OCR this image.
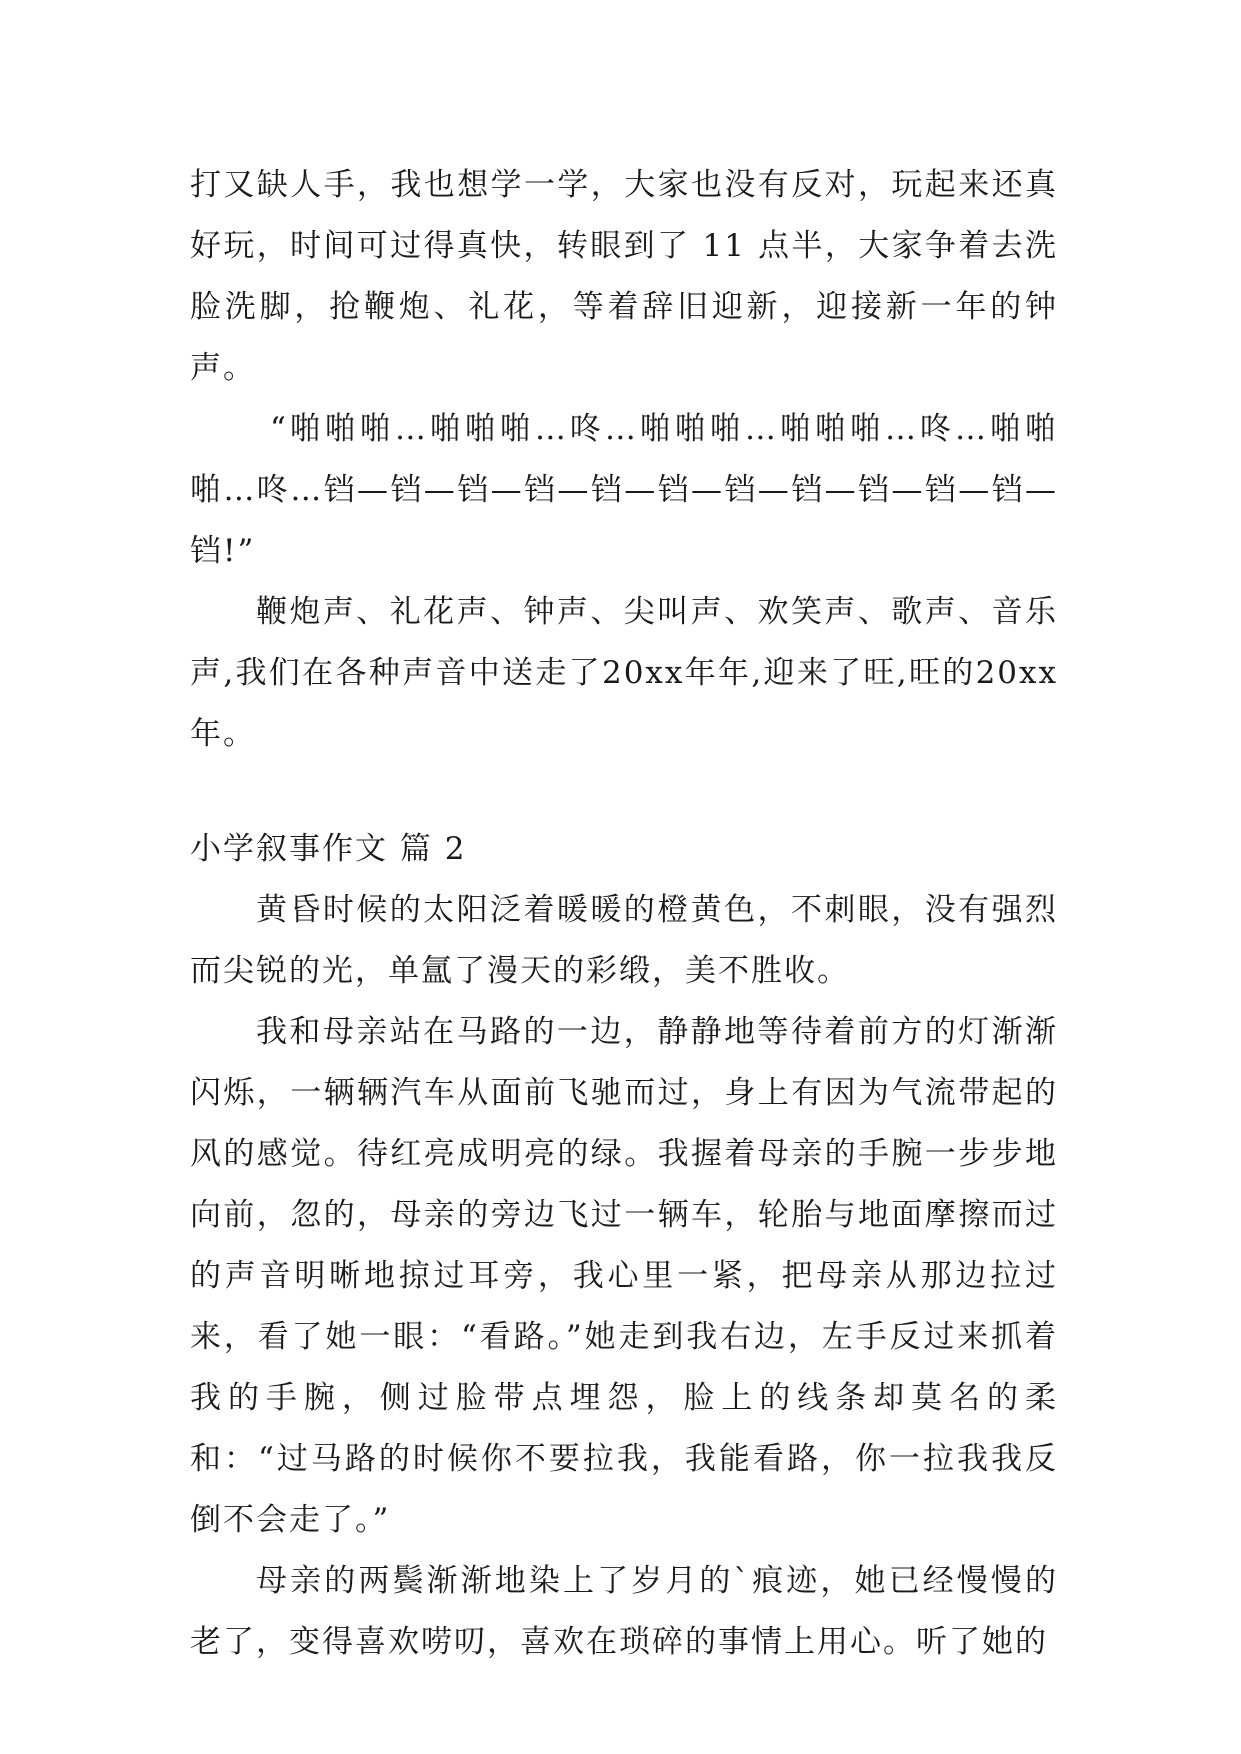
打又缺人手，我也想学一学，大家也没有反对，玩起来还真好玩，时间可过得真快，转眼到了 11 点半，大家争着去洗脸洗脚，抢鞭炮、礼花，等着辞旧迎新，迎接新一年的钟声。

“啪啪啪…啪啪啪…咚…啪啪啪…啪啪啪…咚…啪啪啪…咚…铛—铛—铛—铛—铛—铛—铛—铛—铛—铛—铛—铛!”

鞭炮声、礼花声、钟声、尖叫声、欢笑声、歌声、音乐声,我们在各种声音中送走了20xx年年,迎来了旺,旺的20xx年。

小学叙事作文 篇 2

黄昏时候的太阳泛着暖暖的橙黄色，不刺眼，没有强烈而尖锐的光，单氲了漫天的彩缎，美不胜收。

我和母亲站在马路的一边，静静地等待着前方的灯渐渐闪烁，一辆辆汽车从面前飞驰而过，身上有因为气流带起的风的感觉。待红亮成明亮的绿。我握着母亲的手腕一步步地向前，忽的，母亲的旁边飞过一辆车，轮胎与地面摩擦而过的声音明晰地掠过耳旁，我心里一紧，把母亲从那边拉过来，看了她一眼：“看路。”她走到我右边，左手反过来抓着我的手腕，侧过脸带点埋怨，脸上的线条却莫名的柔和：“过马路的时候你不要拉我，我能看路，你一拉我我反倒不会走了。”

母亲的两鬓渐渐地染上了岁月的`痕迹，她已经慢慢的老了，变得喜欢唠叨，喜欢在琐碎的事情上用心。听了她的
